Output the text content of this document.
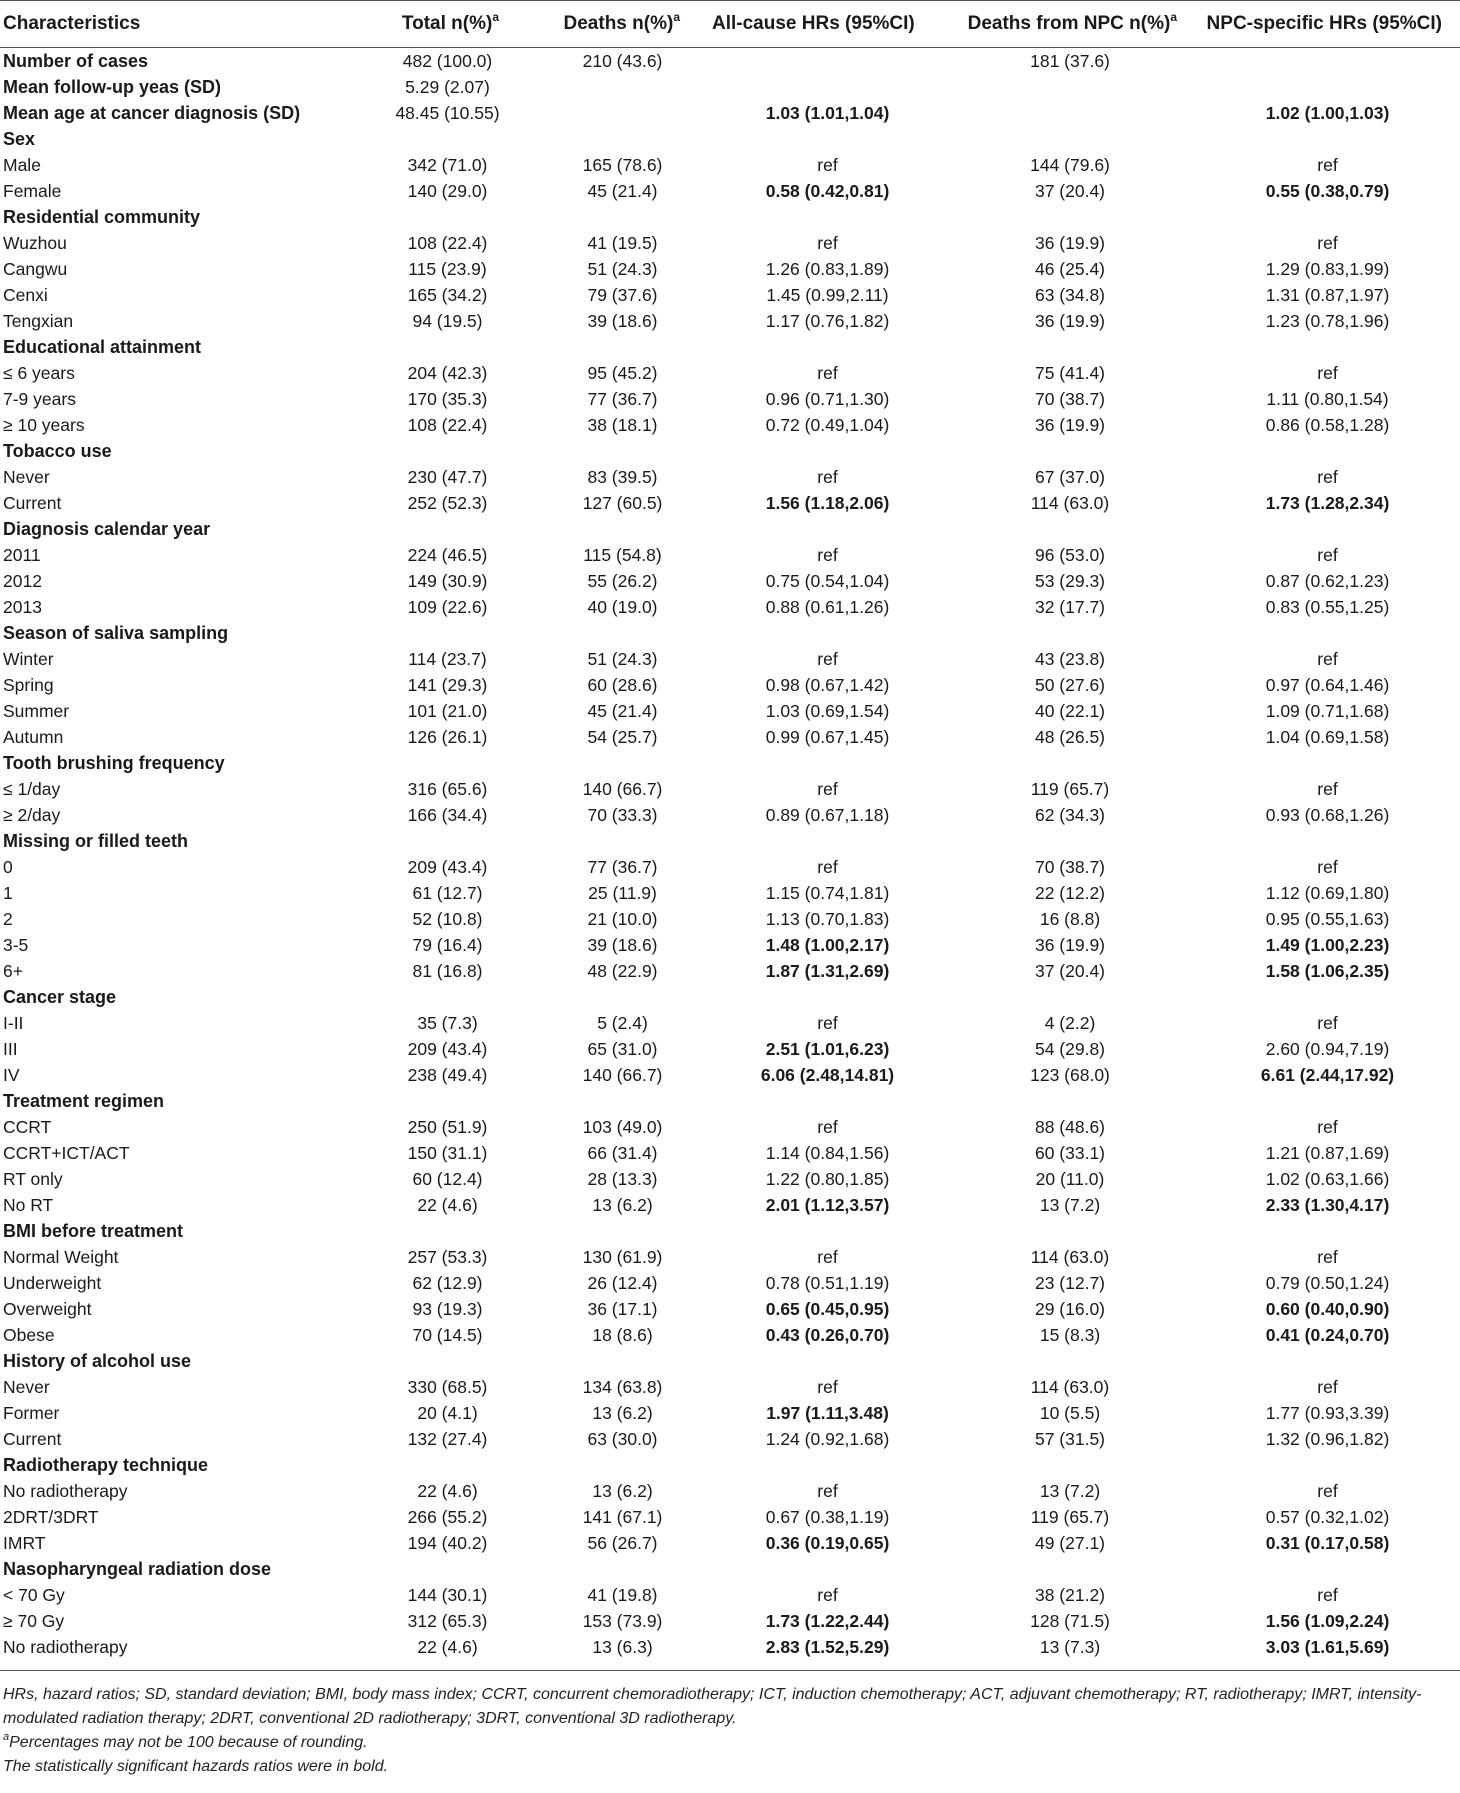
Characteristics	Total n(%)$^a$	Deaths n(%)$^a$	All-cause HRs (95%CI)	Deaths from NPC n(%)$^a$	NPC-specific HRs (95%CI)
Number of cases	482 (100.0)	210 (43.6)		181 (37.6)	
Mean follow-up yeas (SD)	5.29 (2.07)				
Mean age at cancer diagnosis (SD)	48.45 (10.55)		1.03 (1.01,1.04)		1.02 (1.00,1.03)
Sex					
Male	342 (71.0)	165 (78.6)	ref	144 (79.6)	ref
Female	140 (29.0)	45 (21.4)	0.58 (0.42,0.81)	37 (20.4)	0.55 (0.38,0.79)
Residential community					
Wuzhou	108 (22.4)	41 (19.5)	ref	36 (19.9)	ref
Cangwu	115 (23.9)	51 (24.3)	1.26 (0.83,1.89)	46 (25.4)	1.29 (0.83,1.99)
Cenxi	165 (34.2)	79 (37.6)	1.45 (0.99,2.11)	63 (34.8)	1.31 (0.87,1.97)
Tengxian	94 (19.5)	39 (18.6)	1.17 (0.76,1.82)	36 (19.9)	1.23 (0.78,1.96)
Educational attainment					
≤ 6 years	204 (42.3)	95 (45.2)	ref	75 (41.4)	ref
7-9 years	170 (35.3)	77 (36.7)	0.96 (0.71,1.30)	70 (38.7)	1.11 (0.80,1.54)
≥ 10 years	108 (22.4)	38 (18.1)	0.72 (0.49,1.04)	36 (19.9)	0.86 (0.58,1.28)
Tobacco use					
Never	230 (47.7)	83 (39.5)	ref	67 (37.0)	ref
Current	252 (52.3)	127 (60.5)	1.56 (1.18,2.06)	114 (63.0)	1.73 (1.28,2.34)
Diagnosis calendar year					
2011	224 (46.5)	115 (54.8)	ref	96 (53.0)	ref
2012	149 (30.9)	55 (26.2)	0.75 (0.54,1.04)	53 (29.3)	0.87 (0.62,1.23)
2013	109 (22.6)	40 (19.0)	0.88 (0.61,1.26)	32 (17.7)	0.83 (0.55,1.25)
Season of saliva sampling					
Winter	114 (23.7)	51 (24.3)	ref	43 (23.8)	ref
Spring	141 (29.3)	60 (28.6)	0.98 (0.67,1.42)	50 (27.6)	0.97 (0.64,1.46)
Summer	101 (21.0)	45 (21.4)	1.03 (0.69,1.54)	40 (22.1)	1.09 (0.71,1.68)
Autumn	126 (26.1)	54 (25.7)	0.99 (0.67,1.45)	48 (26.5)	1.04 (0.69,1.58)
Tooth brushing frequency					
≤ 1/day	316 (65.6)	140 (66.7)	ref	119 (65.7)	ref
≥ 2/day	166 (34.4)	70 (33.3)	0.89 (0.67,1.18)	62 (34.3)	0.93 (0.68,1.26)
Missing or filled teeth					
0	209 (43.4)	77 (36.7)	ref	70 (38.7)	ref
1	61 (12.7)	25 (11.9)	1.15 (0.74,1.81)	22 (12.2)	1.12 (0.69,1.80)
2	52 (10.8)	21 (10.0)	1.13 (0.70,1.83)	16 (8.8)	0.95 (0.55,1.63)
3-5	79 (16.4)	39 (18.6)	1.48 (1.00,2.17)	36 (19.9)	1.49 (1.00,2.23)
6+	81 (16.8)	48 (22.9)	1.87 (1.31,2.69)	37 (20.4)	1.58 (1.06,2.35)
Cancer stage					
I-II	35 (7.3)	5 (2.4)	ref	4 (2.2)	ref
III	209 (43.4)	65 (31.0)	2.51 (1.01,6.23)	54 (29.8)	2.60 (0.94,7.19)
IV	238 (49.4)	140 (66.7)	6.06 (2.48,14.81)	123 (68.0)	6.61 (2.44,17.92)
Treatment regimen					
CCRT	250 (51.9)	103 (49.0)	ref	88 (48.6)	ref
CCRT+ICT/ACT	150 (31.1)	66 (31.4)	1.14 (0.84,1.56)	60 (33.1)	1.21 (0.87,1.69)
RT only	60 (12.4)	28 (13.3)	1.22 (0.80,1.85)	20 (11.0)	1.02 (0.63,1.66)
No RT	22 (4.6)	13 (6.2)	2.01 (1.12,3.57)	13 (7.2)	2.33 (1.30,4.17)
BMI before treatment					
Normal Weight	257 (53.3)	130 (61.9)	ref	114 (63.0)	ref
Underweight	62 (12.9)	26 (12.4)	0.78 (0.51,1.19)	23 (12.7)	0.79 (0.50,1.24)
Overweight	93 (19.3)	36 (17.1)	0.65 (0.45,0.95)	29 (16.0)	0.60 (0.40,0.90)
Obese	70 (14.5)	18 (8.6)	0.43 (0.26,0.70)	15 (8.3)	0.41 (0.24,0.70)
History of alcohol use					
Never	330 (68.5)	134 (63.8)	ref	114 (63.0)	ref
Former	20 (4.1)	13 (6.2)	1.97 (1.11,3.48)	10 (5.5)	1.77 (0.93,3.39)
Current	132 (27.4)	63 (30.0)	1.24 (0.92,1.68)	57 (31.5)	1.32 (0.96,1.82)
Radiotherapy technique					
No radiotherapy	22 (4.6)	13 (6.2)	ref	13 (7.2)	ref
2DRT/3DRT	266 (55.2)	141 (67.1)	0.67 (0.38,1.19)	119 (65.7)	0.57 (0.32,1.02)
IMRT	194 (40.2)	56 (26.7)	0.36 (0.19,0.65)	49 (27.1)	0.31 (0.17,0.58)
Nasopharyngeal radiation dose					
< 70 Gy	144 (30.1)	41 (19.8)	ref	38 (21.2)	ref
≥ 70 Gy	312 (65.3)	153 (73.9)	1.73 (1.22,2.44)	128 (71.5)	1.56 (1.09,2.24)
No radiotherapy	22 (4.6)	13 (6.3)	2.83 (1.52,5.29)	13 (7.3)	3.03 (1.61,5.69)

HRs, hazard ratios; SD, standard deviation; BMI, body mass index; CCRT, concurrent chemoradiotherapy; ICT, induction chemotherapy; ACT, adjuvant chemotherapy; RT, radiotherapy; IMRT, intensity-modulated radiation therapy; 2DRT, conventional 2D radiotherapy; 3DRT, conventional 3D radiotherapy.

$^a$Percentages may not be 100 because of rounding.

The statistically significant hazards ratios were in bold.
